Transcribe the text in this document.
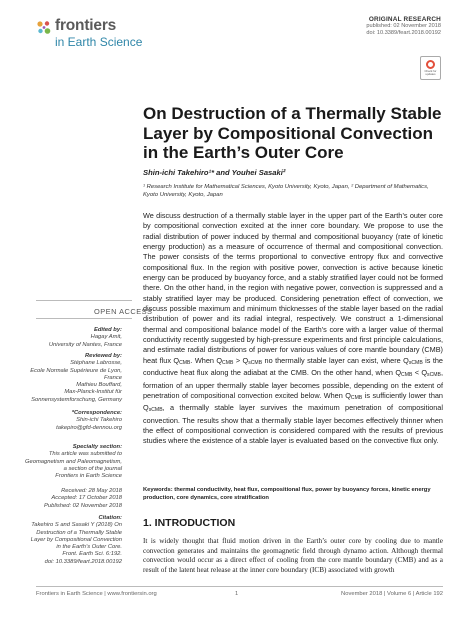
frontiers
in Earth Science
ORIGINAL RESEARCH
published: 02 November 2018
doi: 10.3389/feart.2018.00192
Check for updates
On Destruction of a Thermally Stable Layer by Compositional Convection in the Earth’s Outer Core
Shin-ichi Takehiro¹* and Youhei Sasaki²
¹ Research Institute for Mathematical Sciences, Kyoto University, Kyoto, Japan, ² Department of Mathematics, Kyoto University, Kyoto, Japan

We discuss destruction of a thermally stable layer in the upper part of the Earth’s outer core by compositional convection excited at the inner core boundary. We propose to use the radial distribution of power induced by thermal and compositional buoyancy (rate of kinetic energy production) as a measure of occurrence of thermal and compositional convection. The power consists of the terms proportional to convective entropy flux and convective compositional flux. In the region with positive power, convection is active because kinetic energy can be produced by buoyancy force, and a stably stratified layer could not be formed there. On the other hand, in the region with negative power, convection is suppressed and a stably stratified layer may be produced. Considering penetration effect of convection, we discuss possible maximum and minimum thicknesses of the stable layer based on the radial distribution of power and its radial integral, respectively. We construct a 1-dimensional thermal and compositional balance model of the Earth’s core with a larger value of thermal conductivity recently suggested by high-pressure experiments and first principle calculations, and estimate radial distributions of power for various values of core mantle boundary (CMB) heat flux QCMB. When QCMB > QsCMB no thermally stable layer can exist, where QsCMB is the conductive heat flux along the adiabat at the CMB. On the other hand, when QCMB < QsCMB, formation of an upper thermally stable layer becomes possible, depending on the extent of penetration of compositional convection excited below. When QCMB is sufficiently lower than QsCMB, a thermally stable layer survives the maximum penetration of compositional convection. The results show that a thermally stable layer becomes effectively thinner when the effect of compositional convection is considered compared with the results of previous studies where the existence of a stable layer is evaluated based on the convective flux only.

Keywords: thermal conductivity, heat flux, compositional flux, power by buoyancy forces, kinetic energy production, core dynamics, core stratification
1. INTRODUCTION

It is widely thought that fluid motion driven in the Earth’s outer core by cooling due to mantle convection generates and maintains the geomagnetic field through dynamo action. Although thermal convection would occur as a direct effect of cooling from the core mantle boundary (CMB) and as a result of the latent heat release at the inner core boundary (ICB) associated with growth

OPEN ACCESS
Edited by:
Hagay Amit,
University of Nantes, France
Reviewed by:
Stéphane Labrosse,
Ecole Normale Supérieure de Lyon,
France
Mathieu Bouffard,
Max-Planck-Institut für
Sonnensystemforschung, Germany
*Correspondence:
Shin-ichi Takehiro
takepiro@gfd-dennou.org
Specialty section:
This article was submitted to
Geomagnetism and Paleomagnetism,
a section of the journal
Frontiers in Earth Science
Received: 28 May 2018
Accepted: 17 October 2018
Published: 02 November 2018
Citation:
Takehiro S and Sasaki Y (2018) On
Destruction of a Thermally Stable
Layer by Compositional Convection
in the Earth’s Outer Core.
Front. Earth Sci. 6:192.
doi: 10.3389/feart.2018.00192
Frontiers in Earth Science | www.frontiersin.org	1	November 2018 | Volume 6 | Article 192
